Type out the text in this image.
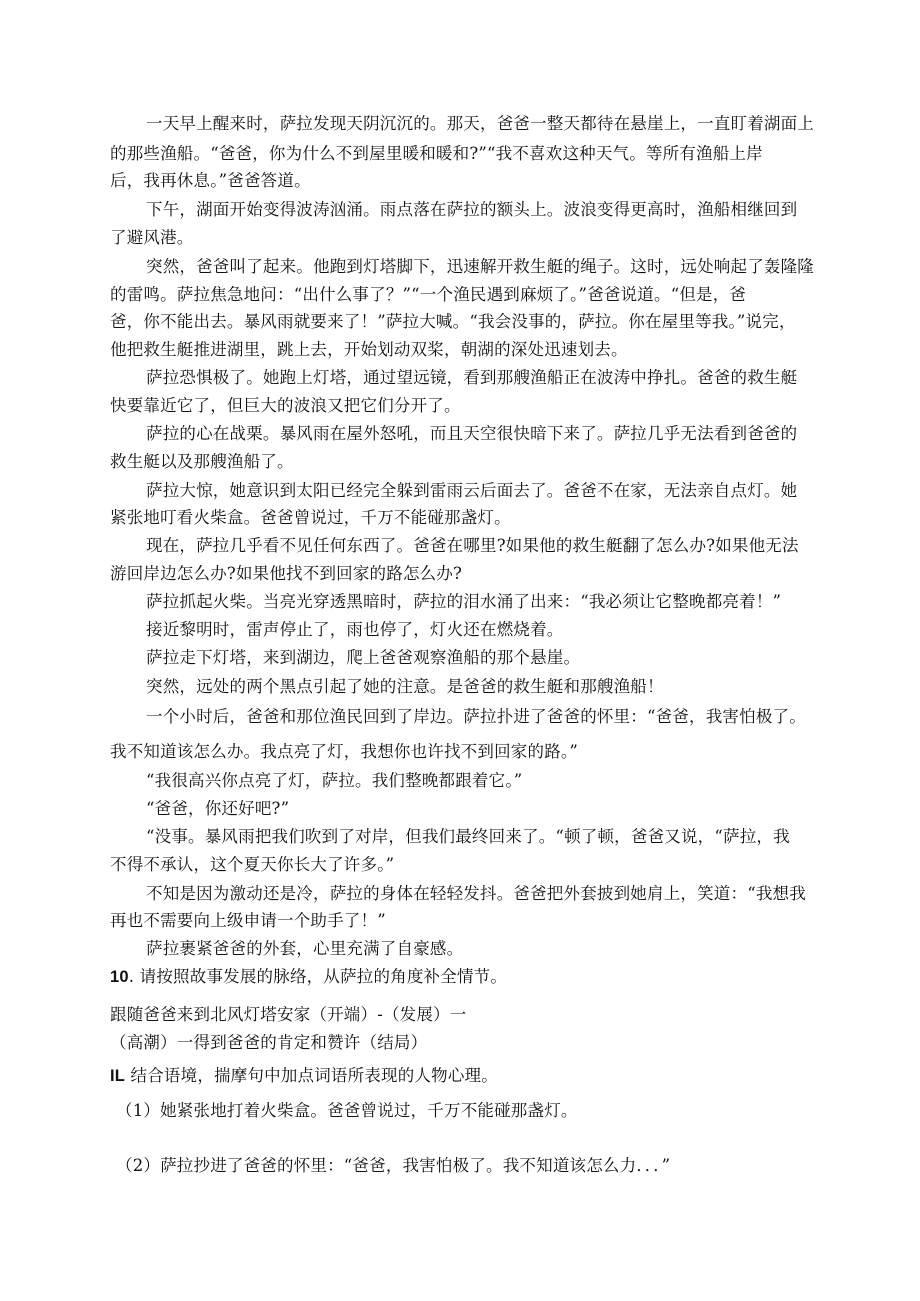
一天早上醒来时，萨拉发现天阴沉沉的。那天，爸爸一整天都待在悬崖上，一直盯着湖面上
的那些渔船。“爸爸，你为什么不到屋里暖和暖和?”“我不喜欢这种天气。等所有渔船上岸
后，我再休息。”爸爸答道。
下午，湖面开始变得波涛汹涌。雨点落在萨拉的额头上。波浪变得更高时，渔船相继回到
了避风港。
突然，爸爸叫了起来。他跑到灯塔脚下，迅速解开救生艇的绳子。这时，远处响起了轰隆隆
的雷鸣。萨拉焦急地问：“出什么事了？”“一个渔民遇到麻烦了。”爸爸说道。“但是，爸
爸，你不能出去。暴风雨就要来了！”萨拉大喊。“我会没事的，萨拉。你在屋里等我。”说完，
他把救生艇推进湖里，跳上去，开始划动双桨，朝湖的深处迅速划去。
萨拉恐惧极了。她跑上灯塔，通过望远镜，看到那艘渔船正在波涛中挣扎。爸爸的救生艇
快要靠近它了，但巨大的波浪又把它们分开了。
萨拉的心在战栗。暴风雨在屋外怒吼，而且天空很快暗下来了。萨拉几乎无法看到爸爸的
救生艇以及那艘渔船了。
萨拉大惊，她意识到太阳已经完全躲到雷雨云后面去了。爸爸不在家，无法亲自点灯。她
紧张地叮看火柴盒。爸爸曾说过，千万不能碰那盏灯。
现在，萨拉几乎看不见任何东西了。爸爸在哪里?如果他的救生艇翻了怎么办?如果他无法
游回岸边怎么办?如果他找不到回家的路怎么办?
萨拉抓起火柴。当亮光穿透黑暗时，萨拉的泪水涌了出来：“我必须让它整晚都亮着！”
接近黎明时，雷声停止了，雨也停了，灯火还在燃烧着。
萨拉走下灯塔，来到湖边，爬上爸爸观察渔船的那个悬崖。
突然，远处的两个黑点引起了她的注意。是爸爸的救生艇和那艘渔船！
一个小时后，爸爸和那位渔民回到了岸边。萨拉扑进了爸爸的怀里：“爸爸，我害怕极了。
我不知道该怎么办。我点亮了灯，我想你也许找不到回家的路。”
“我很高兴你点亮了灯，萨拉。我们整晚都跟着它。”
“爸爸，你还好吧?”
“没事。暴风雨把我们吹到了对岸，但我们最终回来了。“顿了顿，爸爸又说，“萨拉，我
不得不承认，这个夏天你长大了许多。”
不知是因为激动还是冷，萨拉的身体在轻轻发抖。爸爸把外套披到她肩上，笑道：“我想我
再也不需要向上级申请一个助手了！”
萨拉裹紧爸爸的外套，心里充满了自豪感。
10. 请按照故事发展的脉络，从萨拉的角度补全情节。
跟随爸爸来到北风灯塔安家（开端）-（发展）一
（高潮）一得到爸爸的肯定和赞许（结局）
IL 结合语境，揣摩句中加点词语所表现的人物心理。
（1）她紧张地打着火柴盒。爸爸曾说过，千万不能碰那盏灯。
（2）萨拉抄进了爸爸的怀里：“爸爸，我害怕极了。我不知道该怎么力．．．”
